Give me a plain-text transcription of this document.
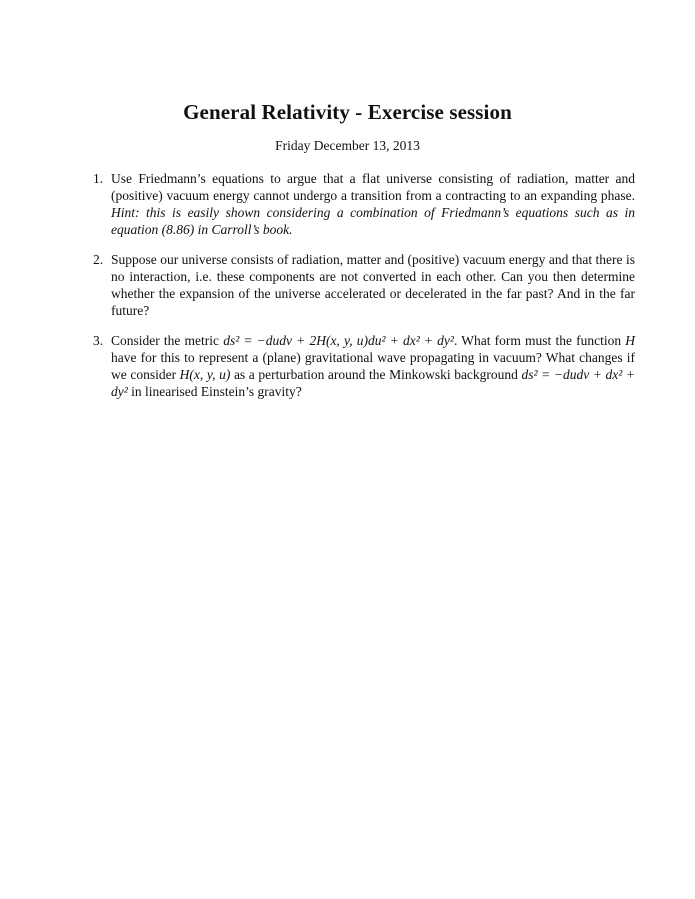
General Relativity - Exercise session
Friday December 13, 2013
1. Use Friedmann’s equations to argue that a flat universe consisting of radiation, matter and (positive) vacuum energy cannot undergo a transition from a contracting to an expanding phase. Hint: this is easily shown considering a combination of Friedmann’s equations such as in equation (8.86) in Carroll’s book.
2. Suppose our universe consists of radiation, matter and (positive) vacuum energy and that there is no interaction, i.e. these components are not converted in each other. Can you then determine whether the expansion of the universe accelerated or decelerated in the far past? And in the far future?
3. Consider the metric ds² = −dudv + 2H(x, y, u)du² + dx² + dy². What form must the function H have for this to represent a (plane) gravitational wave propagating in vacuum? What changes if we consider H(x, y, u) as a perturbation around the Minkowski background ds² = −dudv + dx² + dy² in linearised Einstein’s gravity?
